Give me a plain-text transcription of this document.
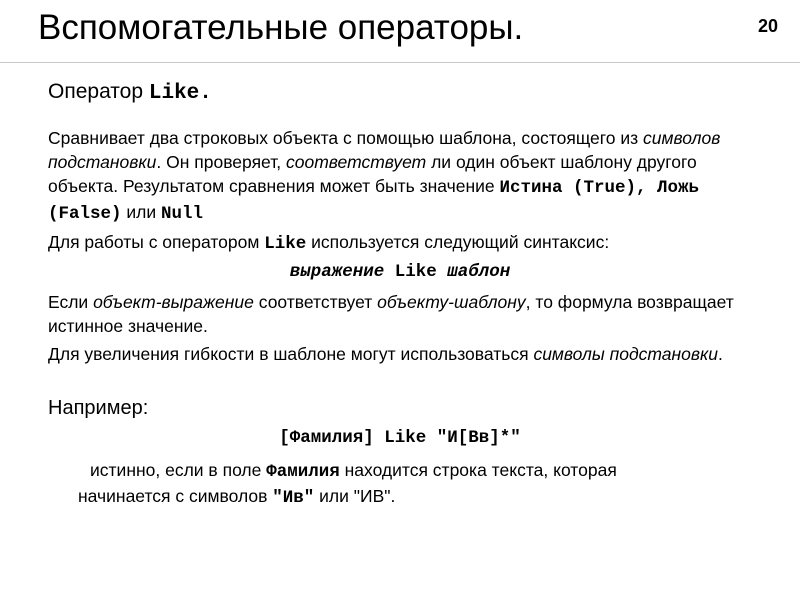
Вспомогательные операторы.	20
Оператор Like.
Сравнивает два строковых объекта с помощью шаблона, состоящего из символов подстановки. Он проверяет, соответствует ли один объект шаблону другого объекта. Результатом сравнения может быть значение Истина (True), Ложь (False) или Null
Для работы с оператором Like используется следующий синтаксис:
выражение Like шаблон
Если объект-выражение соответствует объекту-шаблону, то формула возвращает истинное значение.
Для увеличения гибкости в шаблоне могут использоваться символы подстановки.
Например:
[Фамилия] Like "И[Вв]*"
истинно, если в поле Фамилия находится строка текста, которая начинается с символов "Ив" или "ИВ".
